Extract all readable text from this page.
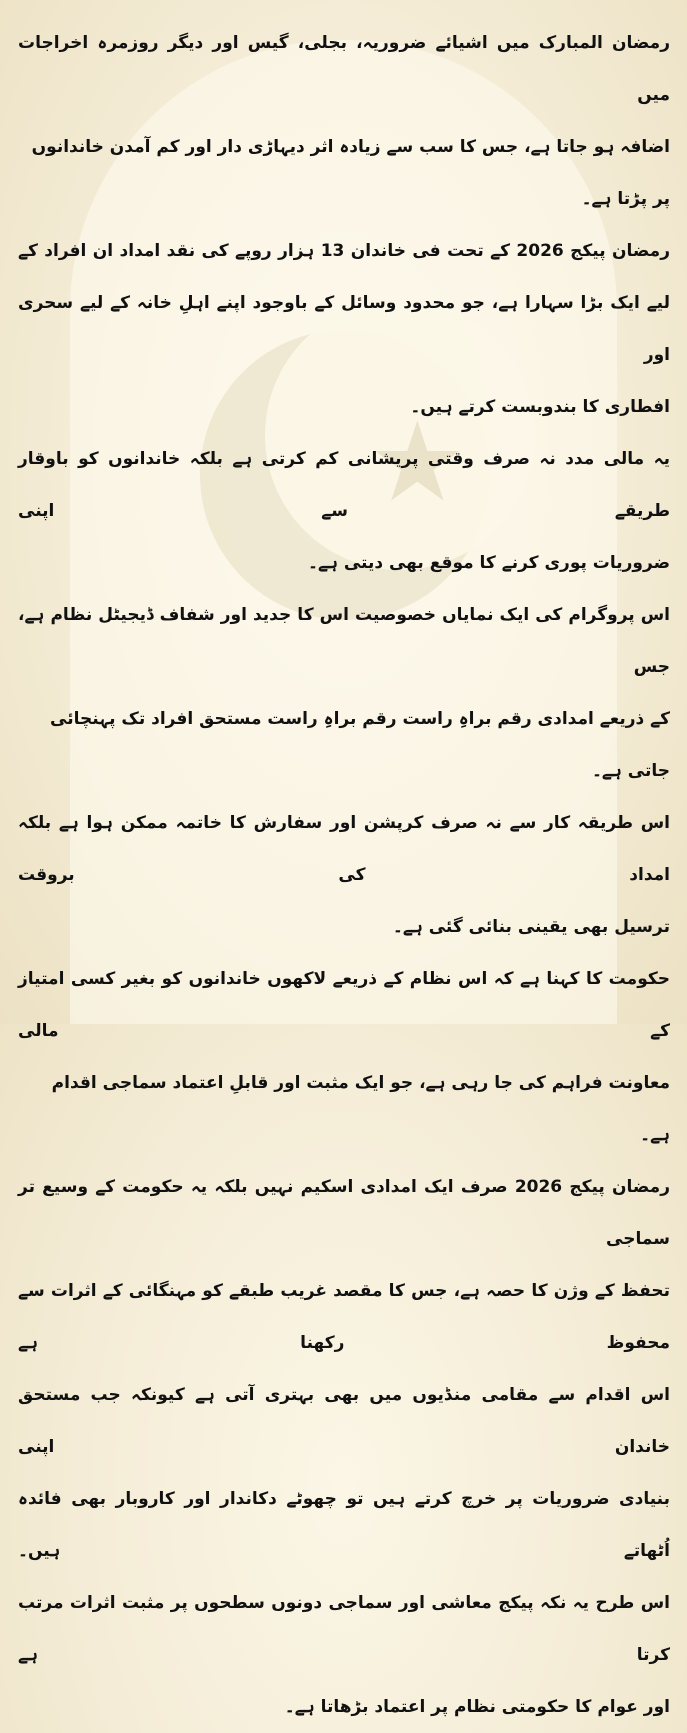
★
رمضان المبارک میں اشیائے ضروریہ، بجلی، گیس اور دیگر روزمرہ اخراجات میں
اضافہ ہو جاتا ہے، جس کا سب سے زیادہ اثر دیہاڑی دار اور کم آمدن خاندانوں پر پڑتا ہے۔
رمضان پیکج 2026 کے تحت فی خاندان 13 ہزار روپے کی نقد امداد ان افراد کے
لیے ایک بڑا سہارا ہے، جو محدود وسائل کے باوجود اپنے اہلِ خانہ کے لیے سحری اور
افطاری کا بندوبست کرتے ہیں۔
یہ مالی مدد نہ صرف وقتی پریشانی کم کرتی ہے بلکہ خاندانوں کو باوقار طریقے سے اپنی
ضروریات پوری کرنے کا موقع بھی دیتی ہے۔
اس پروگرام کی ایک نمایاں خصوصیت اس کا جدید اور شفاف ڈیجیٹل نظام ہے، جس
کے ذریعے امدادی رقم براہِ راست رقم براہِ راست مستحق افراد تک پہنچائی جاتی ہے۔
اس طریقہ کار سے نہ صرف کرپشن اور سفارش کا خاتمہ ممکن ہوا ہے بلکہ امداد کی بروقت
ترسیل بھی یقینی بنائی گئی ہے۔
حکومت کا کہنا ہے کہ اس نظام کے ذریعے لاکھوں خاندانوں کو بغیر کسی امتیاز کے مالی
معاونت فراہم کی جا رہی ہے، جو ایک مثبت اور قابلِ اعتماد سماجی اقدام ہے۔
رمضان پیکج 2026 صرف ایک امدادی اسکیم نہیں بلکہ یہ حکومت کے وسیع تر سماجی
تحفظ کے وژن کا حصہ ہے، جس کا مقصد غریب طبقے کو مہنگائی کے اثرات سے محفوظ رکھنا ہے
اس اقدام سے مقامی منڈیوں میں بھی بہتری آتی ہے کیونکہ جب مستحق خاندان اپنی
بنیادی ضروریات پر خرچ کرتے ہیں تو چھوٹے دکاندار اور کاروبار بھی فائدہ اُٹھاتے ہیں۔
اس طرح یہ نکہ پیکج معاشی اور سماجی دونوں سطحوں پر مثبت اثرات مرتب کرتا ہے
اور عوام کا حکومتی نظام پر اعتماد بڑھاتا ہے۔
